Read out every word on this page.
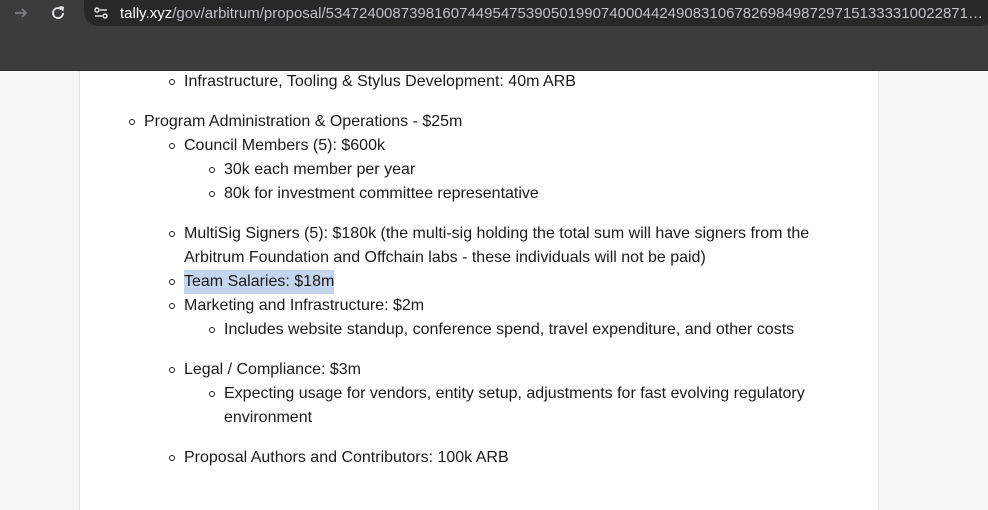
tally.xyz/gov/arbitrum/proposal/53472400873981607449547539050199074000442490831067826984987297151333310022871…
Infrastructure, Tooling & Stylus Development: 40m ARB
Program Administration & Operations - $25m
Council Members (5): $600k
30k each member per year
80k for investment committee representative
MultiSig Signers (5): $180k (the multi-sig holding the total sum will have signers from the
Arbitrum Foundation and Offchain labs - these individuals will not be paid)
Team Salaries: $18m
Marketing and Infrastructure: $2m
Includes website standup, conference spend, travel expenditure, and other costs
Legal / Compliance: $3m
Expecting usage for vendors, entity setup, adjustments for fast evolving regulatory
environment
Proposal Authors and Contributors: 100k ARB
